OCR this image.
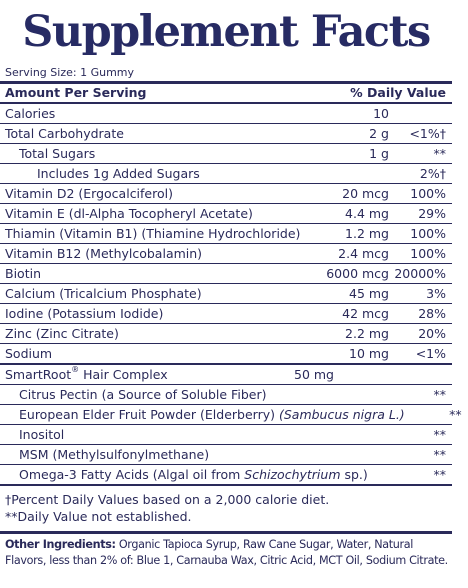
Supplement Facts
Serving Size: 1 Gummy
Amount Per Serving	% Daily Value
Calories	10
Total Carbohydrate	2 g	<1%†
Total Sugars	1 g	**
Includes 1g Added Sugars	2%†
Vitamin D2 (Ergocalciferol)	20 mcg	100%
Vitamin E (dl-Alpha Tocopheryl Acetate)	4.4 mg	29%
Thiamin (Vitamin B1) (Thiamine Hydrochloride)	1.2 mg	100%
Vitamin B12 (Methylcobalamin)	2.4 mcg	100%
Biotin	6000 mcg 20000%
Calcium (Tricalcium Phosphate)	45 mg	3%
Iodine (Potassium Iodide)	42 mcg	28%
Zinc (Zinc Citrate)	2.2 mg	20%
Sodium	10 mg	<1%
SmartRoot® Hair Complex	50 mg
Citrus Pectin (a Source of Soluble Fiber)	**
European Elder Fruit Powder (Elderberry) (Sambucus nigra L.)	**
Inositol	**
MSM (Methylsulfonylmethane)	**
Omega-3 Fatty Acids (Algal oil from Schizochytrium sp.)	**
†Percent Daily Values based on a 2,000 calorie diet.
**Daily Value not established.
Other Ingredients: Organic Tapioca Syrup, Raw Cane Sugar, Water, Natural Flavors, less than 2% of: Blue 1, Carnauba Wax, Citric Acid, MCT Oil, Sodium Citrate.
